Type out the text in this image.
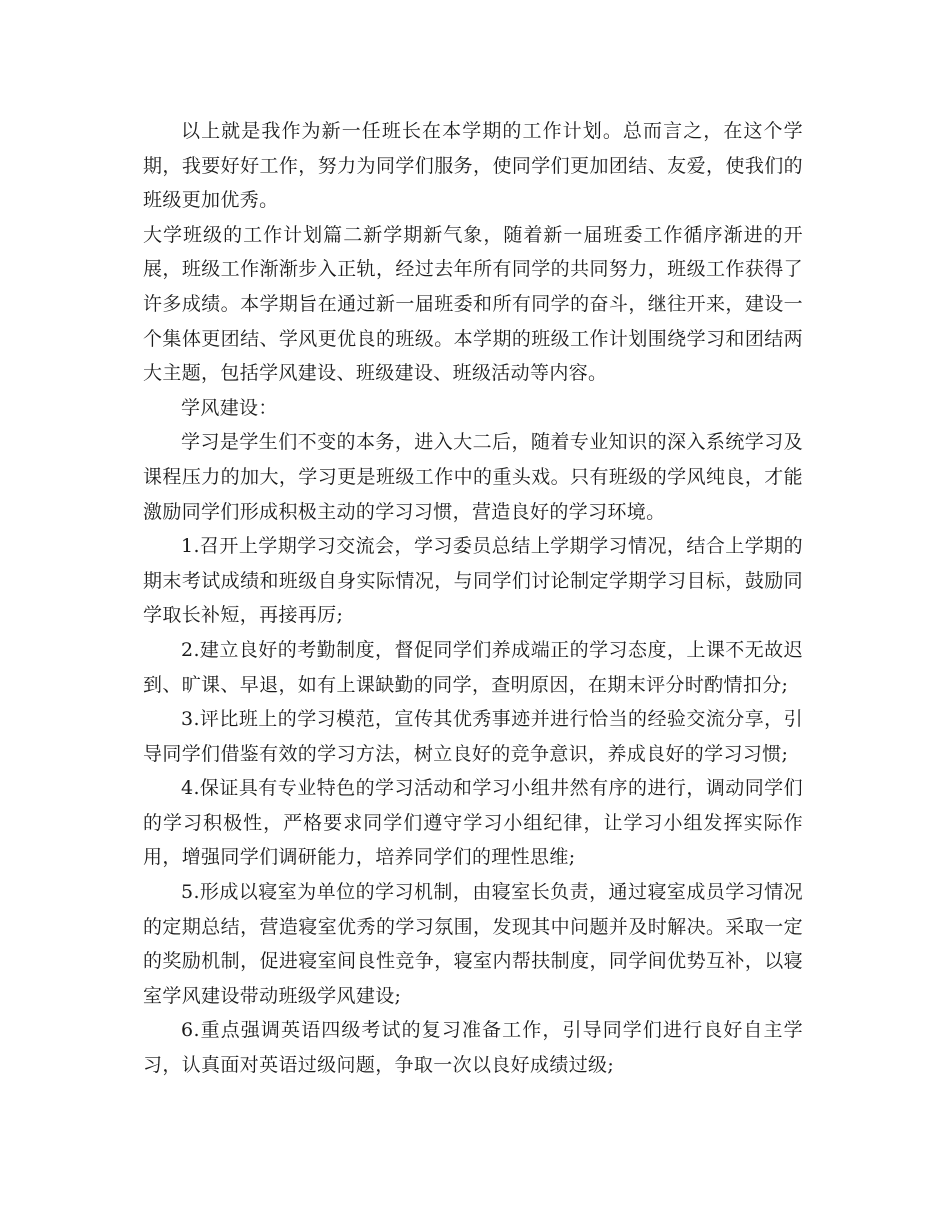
以上就是我作为新一任班长在本学期的工作计划。总而言之，在这个学期，我要好好工作，努力为同学们服务，使同学们更加团结、友爱，使我们的班级更加优秀。

大学班级的工作计划篇二新学期新气象，随着新一届班委工作循序渐进的开展，班级工作渐渐步入正轨，经过去年所有同学的共同努力，班级工作获得了许多成绩。本学期旨在通过新一届班委和所有同学的奋斗，继往开来，建设一个集体更团结、学风更优良的班级。本学期的班级工作计划围绕学习和团结两大主题，包括学风建设、班级建设、班级活动等内容。

学风建设：

学习是学生们不变的本务，进入大二后，随着专业知识的深入系统学习及课程压力的加大，学习更是班级工作中的重头戏。只有班级的学风纯良，才能激励同学们形成积极主动的学习习惯，营造良好的学习环境。

1.召开上学期学习交流会，学习委员总结上学期学习情况，结合上学期的期末考试成绩和班级自身实际情况，与同学们讨论制定学期学习目标，鼓励同学取长补短，再接再厉;

2.建立良好的考勤制度，督促同学们养成端正的学习态度，上课不无故迟到、旷课、早退，如有上课缺勤的同学，查明原因，在期末评分时酌情扣分;

3.评比班上的学习模范，宣传其优秀事迹并进行恰当的经验交流分享，引导同学们借鉴有效的学习方法，树立良好的竞争意识，养成良好的学习习惯;

4.保证具有专业特色的学习活动和学习小组井然有序的进行，调动同学们的学习积极性，严格要求同学们遵守学习小组纪律，让学习小组发挥实际作用，增强同学们调研能力，培养同学们的理性思维;

5.形成以寝室为单位的学习机制，由寝室长负责，通过寝室成员学习情况的定期总结，营造寝室优秀的学习氛围，发现其中问题并及时解决。采取一定的奖励机制，促进寝室间良性竞争，寝室内帮扶制度，同学间优势互补，以寝室学风建设带动班级学风建设;

6.重点强调英语四级考试的复习准备工作，引导同学们进行良好自主学习，认真面对英语过级问题，争取一次以良好成绩过级;
